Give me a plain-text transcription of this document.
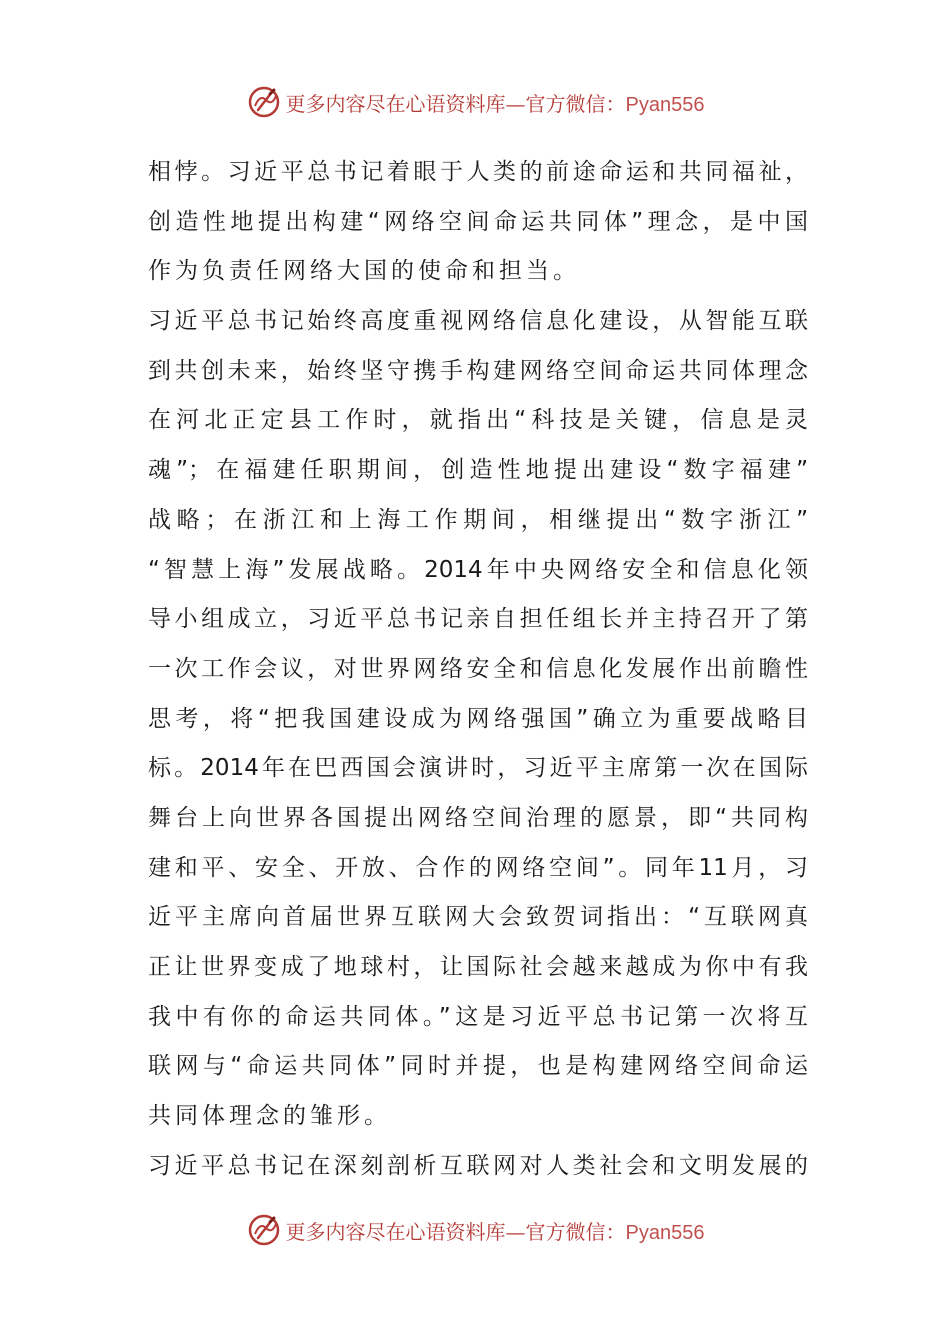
更多内容尽在心语资料库—官方微信：Pyan556
相悖。习近平总书记着眼于人类的前途命运和共同福祉，
创造性地提出构建“网络空间命运共同体”理念，是中国
作为负责任网络大国的使命和担当。
习近平总书记始终高度重视网络信息化建设，从智能互联
到共创未来，始终坚守携手构建网络空间命运共同体理念
在河北正定县工作时，就指出“科技是关键，信息是灵
魂”；在福建任职期间，创造性地提出建设“数字福建”
战略；在浙江和上海工作期间，相继提出“数字浙江”
“智慧上海”发展战略。2014年中央网络安全和信息化领
导小组成立，习近平总书记亲自担任组长并主持召开了第
一次工作会议，对世界网络安全和信息化发展作出前瞻性
思考，将“把我国建设成为网络强国”确立为重要战略目
标。2014年在巴西国会演讲时，习近平主席第一次在国际
舞台上向世界各国提出网络空间治理的愿景，即“共同构
建和平、安全、开放、合作的网络空间”。同年11月，习
近平主席向首届世界互联网大会致贺词指出：“互联网真
正让世界变成了地球村，让国际社会越来越成为你中有我
我中有你的命运共同体。”这是习近平总书记第一次将互
联网与“命运共同体”同时并提，也是构建网络空间命运
共同体理念的雏形。
习近平总书记在深刻剖析互联网对人类社会和文明发展的
更多内容尽在心语资料库—官方微信：Pyan556
